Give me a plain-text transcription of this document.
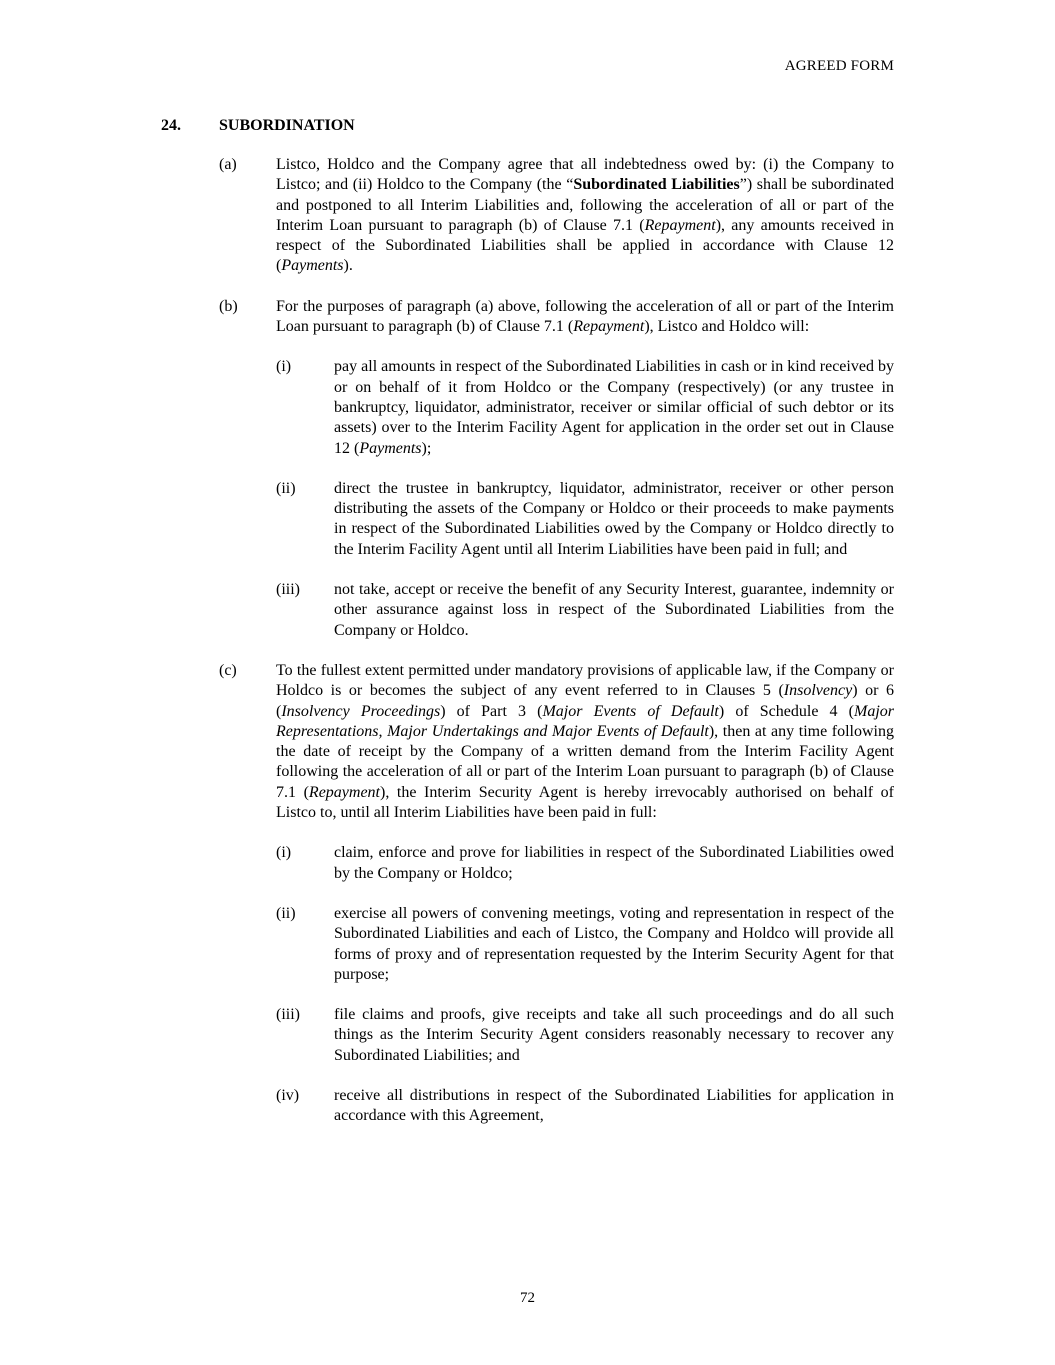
AGREED FORM
24. SUBORDINATION
(a) Listco, Holdco and the Company agree that all indebtedness owed by: (i) the Company to Listco; and (ii) Holdco to the Company (the “Subordinated Liabilities”) shall be subordinated and postponed to all Interim Liabilities and, following the acceleration of all or part of the Interim Loan pursuant to paragraph (b) of Clause 7.1 (Repayment), any amounts received in respect of the Subordinated Liabilities shall be applied in accordance with Clause 12 (Payments).
(b) For the purposes of paragraph (a) above, following the acceleration of all or part of the Interim Loan pursuant to paragraph (b) of Clause 7.1 (Repayment), Listco and Holdco will:
(i)	pay all amounts in respect of the Subordinated Liabilities in cash or in kind received by or on behalf of it from Holdco or the Company (respectively) (or any trustee in bankruptcy, liquidator, administrator, receiver or similar official of such debtor or its assets) over to the Interim Facility Agent for application in the order set out in Clause 12 (Payments);
(ii) direct the trustee in bankruptcy, liquidator, administrator, receiver or other person distributing the assets of the Company or Holdco or their proceeds to make payments in respect of the Subordinated Liabilities owed by the Company or Holdco directly to the Interim Facility Agent until all Interim Liabilities have been paid in full; and
(iii) not take, accept or receive the benefit of any Security Interest, guarantee, indemnity or other assurance against loss in respect of the Subordinated Liabilities from the Company or Holdco.
(c) To the fullest extent permitted under mandatory provisions of applicable law, if the Company or Holdco is or becomes the subject of any event referred to in Clauses 5 (Insolvency) or 6 (Insolvency Proceedings) of Part 3 (Major Events of Default) of Schedule 4 (Major Representations, Major Undertakings and Major Events of Default), then at any time following the date of receipt by the Company of a written demand from the Interim Facility Agent following the acceleration of all or part of the Interim Loan pursuant to paragraph (b) of Clause 7.1 (Repayment), the Interim Security Agent is hereby irrevocably authorised on behalf of Listco to, until all Interim Liabilities have been paid in full:
(i)	claim, enforce and prove for liabilities in respect of the Subordinated Liabilities owed by the Company or Holdco;
(ii) exercise all powers of convening meetings, voting and representation in respect of the Subordinated Liabilities and each of Listco, the Company and Holdco will provide all forms of proxy and of representation requested by the Interim Security Agent for that purpose;
(iii) file claims and proofs, give receipts and take all such proceedings and do all such things as the Interim Security Agent considers reasonably necessary to recover any Subordinated Liabilities; and
(iv) receive all distributions in respect of the Subordinated Liabilities for application in accordance with this Agreement,
72
